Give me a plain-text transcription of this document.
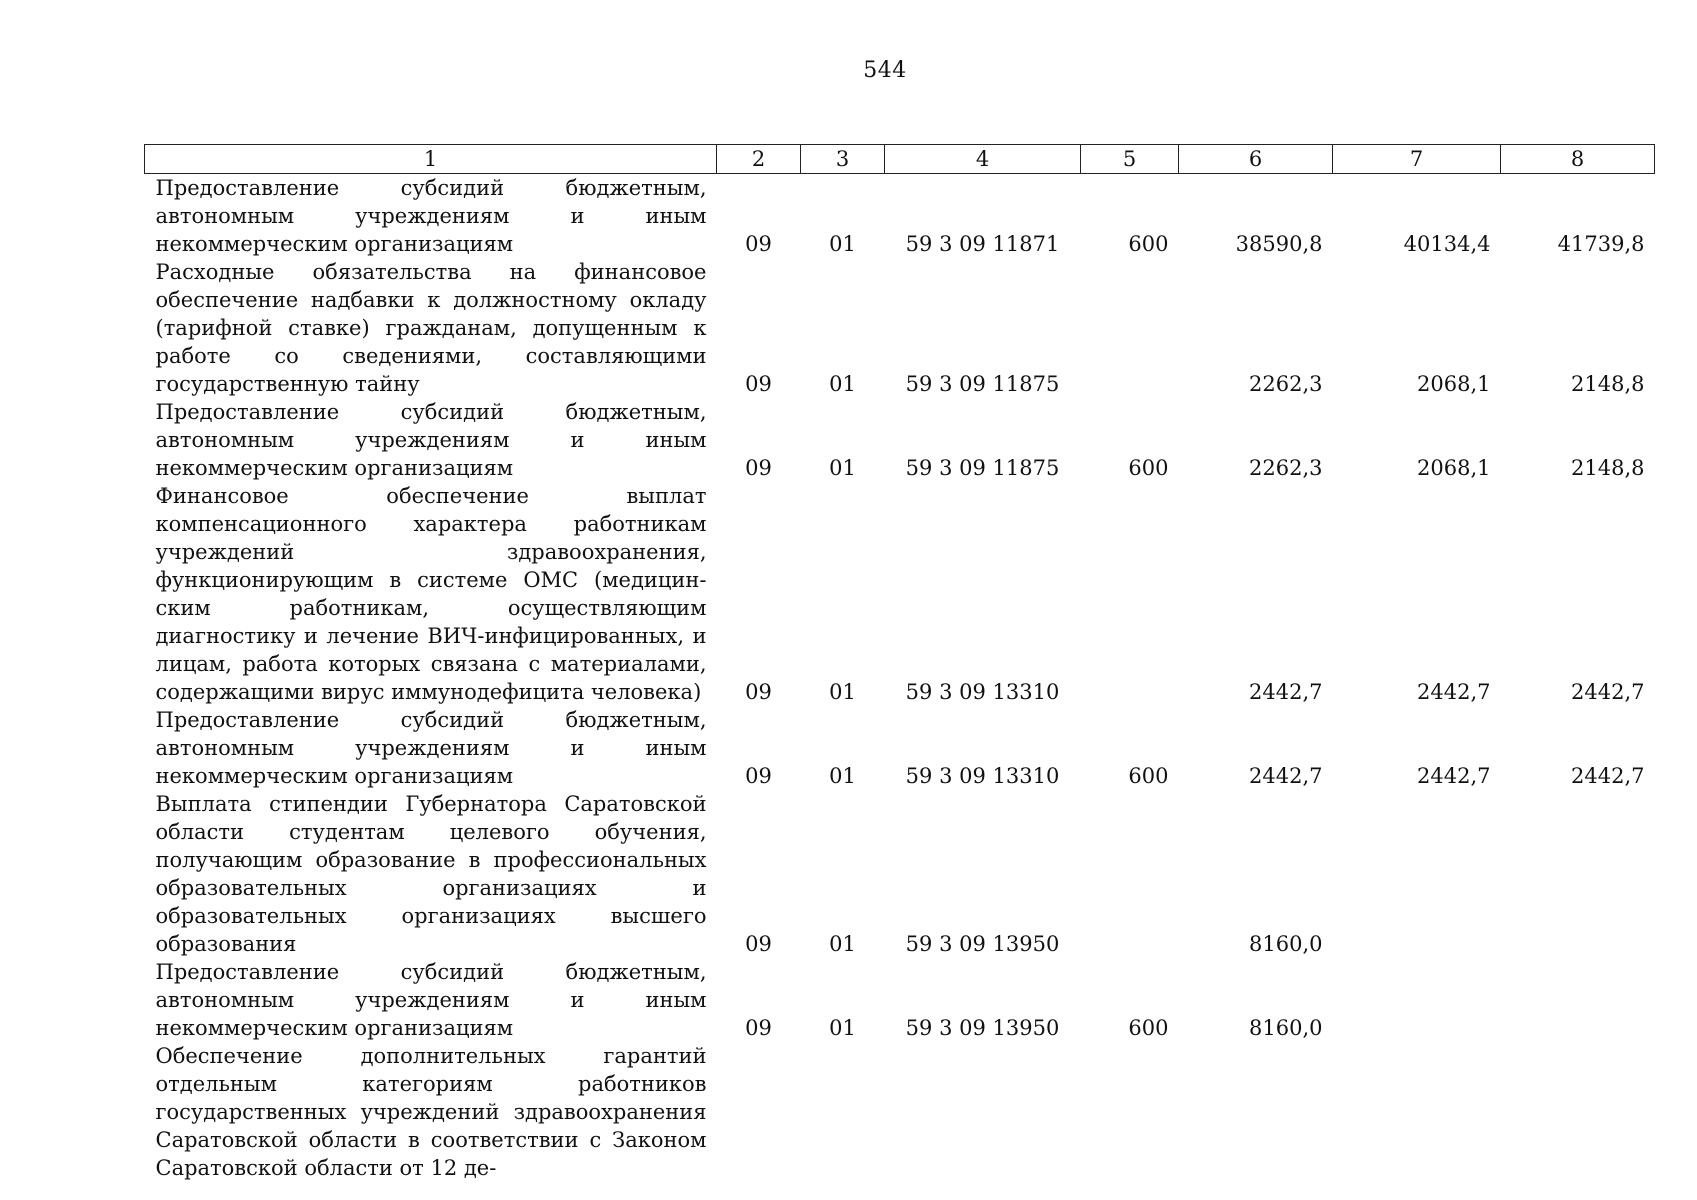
544
1	2	3	4	5	6	7	8
Предоставление субсидий бюджетным, автономным учреждениям и иным некоммерческим организациям	09	01	59 3 09 11871	600	38590,8	40134,4	41739,8
Расходные обязательства на финансовое обеспечение надбавки к должностному окладу (тарифной ставке) гражданам, допущенным к работе со сведениями, составляющими государственную тайну	09	01	59 3 09 11875		2262,3	2068,1	2148,8
Предоставление субсидий бюджетным, автономным учреждениям и иным некоммерческим организациям	09	01	59 3 09 11875	600	2262,3	2068,1	2148,8
Финансовое обеспечение выплат компенсационного характера работникам учреждений здравоохранения, функционирующим в системе ОМС (медицинским работникам, осуществляющим диагностику и лечение ВИЧ-инфицированных, и лицам, работа которых связана с материалами, содержащими вирус иммунодефицита человека)	09	01	59 3 09 13310		2442,7	2442,7	2442,7
Предоставление субсидий бюджетным, автономным учреждениям и иным некоммерческим организациям	09	01	59 3 09 13310	600	2442,7	2442,7	2442,7
Выплата стипендии Губернатора Саратовской области студентам целевого обучения, получающим образование в профессиональных образовательных организациях и образовательных организациях высшего образования	09	01	59 3 09 13950		8160,0		
Предоставление субсидий бюджетным, автономным учреждениям и иным некоммерческим организациям	09	01	59 3 09 13950	600	8160,0		
Обеспечение дополнительных гарантий отдельным категориям работников государственных учреждений здравоохранения Саратовской области в соответствии с Законом Саратовской области от 12 де-							
